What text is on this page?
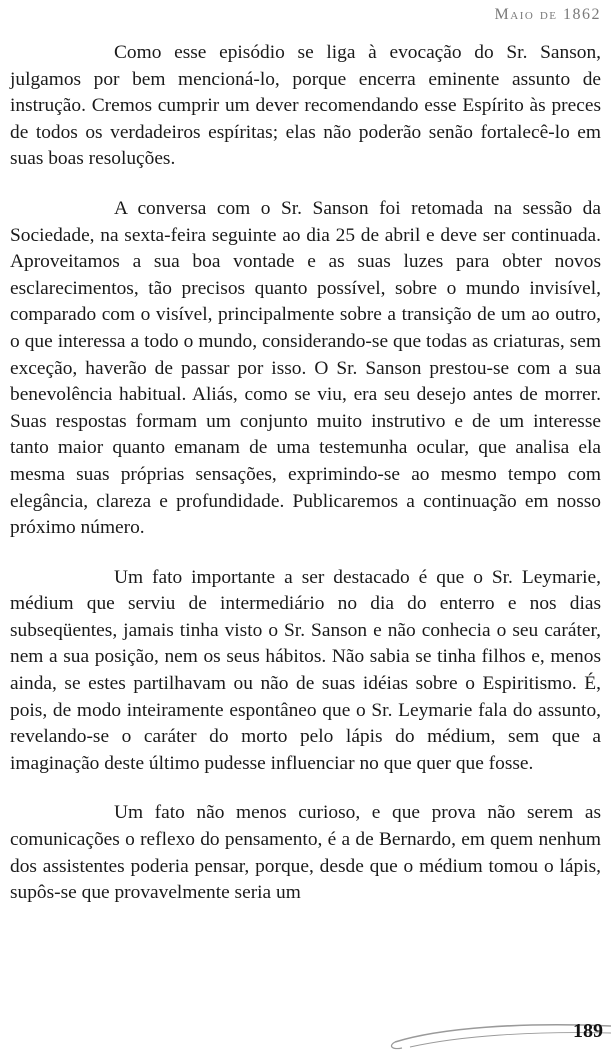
Maio de 1862

Como esse episódio se liga à evocação do Sr. Sanson, julgamos por bem mencioná-lo, porque encerra eminente assunto de instrução. Cremos cumprir um dever recomendando esse Espírito às preces de todos os verdadeiros espíritas; elas não poderão senão fortalecê-lo em suas boas resoluções.

A conversa com o Sr. Sanson foi retomada na sessão da Sociedade, na sexta-feira seguinte ao dia 25 de abril e deve ser continuada. Aproveitamos a sua boa vontade e as suas luzes para obter novos esclarecimentos, tão precisos quanto possível, sobre o mundo invisível, comparado com o visível, principalmente sobre a transição de um ao outro, o que interessa a todo o mundo, considerando-se que todas as criaturas, sem exceção, haverão de passar por isso. O Sr. Sanson prestou-se com a sua benevolência habitual. Aliás, como se viu, era seu desejo antes de morrer. Suas respostas formam um conjunto muito instrutivo e de um interesse tanto maior quanto emanam de uma testemunha ocular, que analisa ela mesma suas próprias sensações, exprimindo-se ao mesmo tempo com elegância, clareza e profundidade. Publicaremos a continuação em nosso próximo número.

Um fato importante a ser destacado é que o Sr. Leymarie, médium que serviu de intermediário no dia do enterro e nos dias subseqüentes, jamais tinha visto o Sr. Sanson e não conhecia o seu caráter, nem a sua posição, nem os seus hábitos. Não sabia se tinha filhos e, menos ainda, se estes partilhavam ou não de suas idéias sobre o Espiritismo. É, pois, de modo inteiramente espontâneo que o Sr. Leymarie fala do assunto, revelando-se o caráter do morto pelo lápis do médium, sem que a imaginação deste último pudesse influenciar no que quer que fosse.

Um fato não menos curioso, e que prova não serem as comunicações o reflexo do pensamento, é a de Bernardo, em quem nenhum dos assistentes poderia pensar, porque, desde que o médium tomou o lápis, supôs-se que provavelmente seria um

189
